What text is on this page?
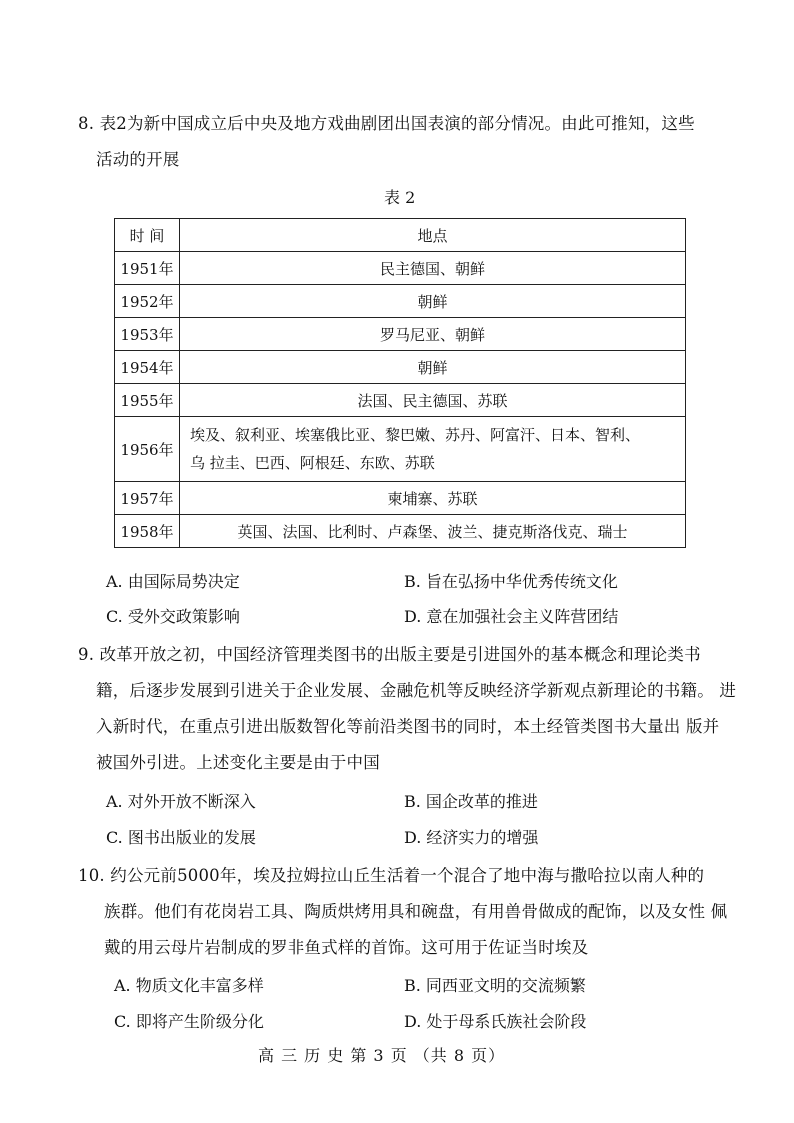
8. 表2为新中国成立后中央及地方戏曲剧团出国表演的部分情况。由此可推知，这些
活动的开展
表 2
时 间	地点
1951年	民主德国、朝鲜
1952年	朝鲜
1953年	罗马尼亚、朝鲜
1954年	朝鲜
1955年	法国、民主德国、苏联
1956年	埃及、叙利亚、埃塞俄比亚、黎巴嫩、苏丹、阿富汗、日本、智利、
乌 拉圭、巴西、阿根廷、东欧、苏联

1957年	柬埔寨、苏联
1958年	英国、法国、比利时、卢森堡、波兰、捷克斯洛伐克、瑞士
A. 由国际局势决定	B. 旨在弘扬中华优秀传统文化
C. 受外交政策影响	D. 意在加强社会主义阵营团结
9. 改革开放之初，中国经济管理类图书的出版主要是引进国外的基本概念和理论类书
籍，后逐步发展到引进关于企业发展、金融危机等反映经济学新观点新理论的书籍。 进
入新时代，在重点引进出版数智化等前沿类图书的同时，本土经管类图书大量出 版并
被国外引进。上述变化主要是由于中国
A. 对外开放不断深入	B. 国企改革的推进
C. 图书出版业的发展	D. 经济实力的增强
10. 约公元前5000年，埃及拉姆拉山丘生活着一个混合了地中海与撒哈拉以南人种的
族群。他们有花岗岩工具、陶质烘烤用具和碗盘，有用兽骨做成的配饰，以及女性 佩
戴的用云母片岩制成的罗非鱼式样的首饰。这可用于佐证当时埃及
A. 物质文化丰富多样	B. 同西亚文明的交流频繁
C. 即将产生阶级分化	D. 处于母系氏族社会阶段
高 三 历 史 第 3 页 （共 8 页）
